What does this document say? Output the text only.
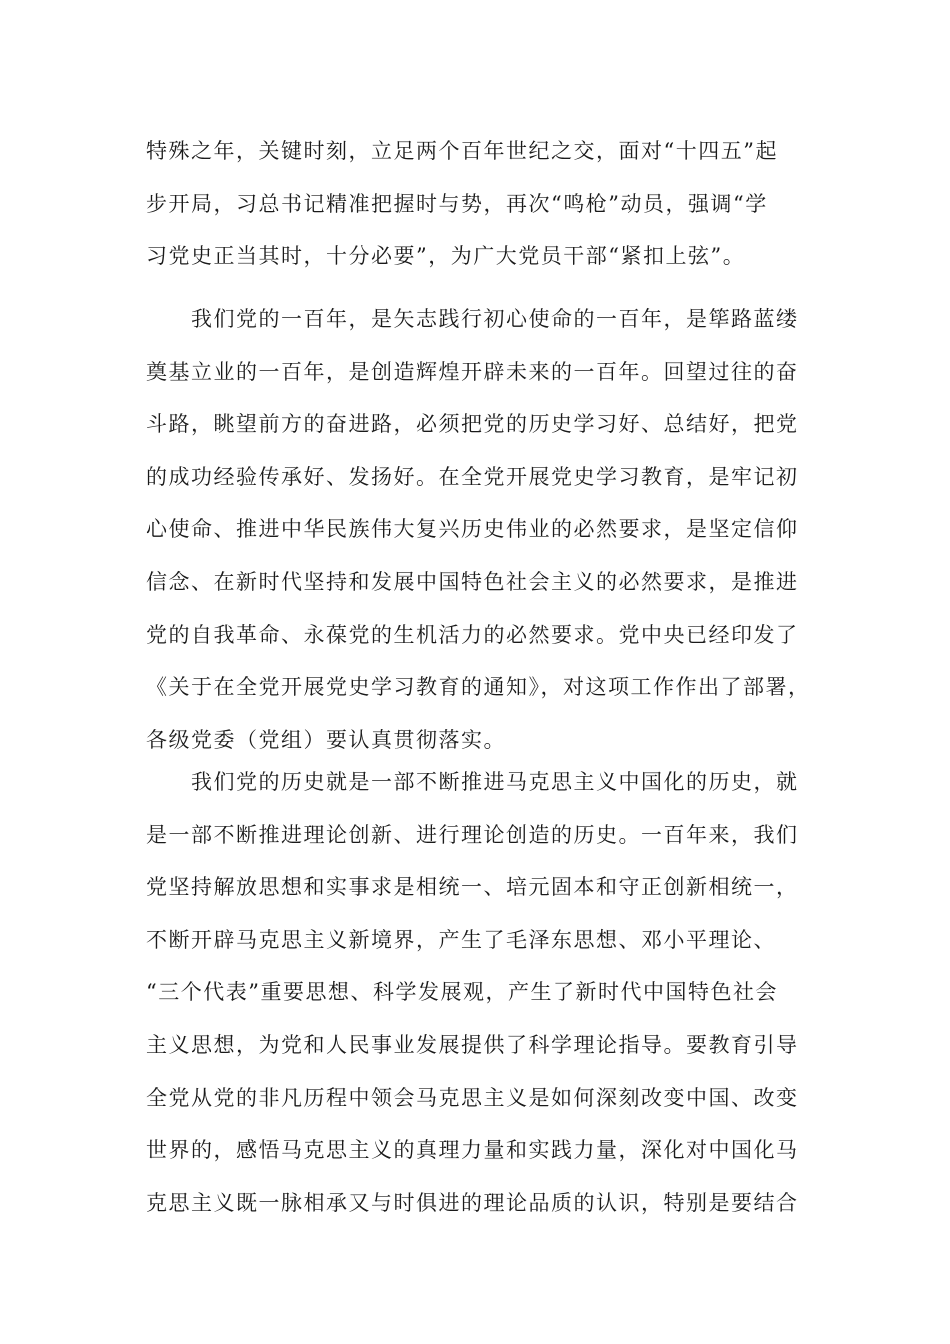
特殊之年，关键时刻，立足两个百年世纪之交，面对“十四五”起
步开局，习总书记精准把握时与势，再次“鸣枪”动员，强调“学
习党史正当其时，十分必要”，为广大党员干部“紧扣上弦”。
我们党的一百年，是矢志践行初心使命的一百年，是筚路蓝缕
奠基立业的一百年，是创造辉煌开辟未来的一百年。回望过往的奋
斗路，眺望前方的奋进路，必须把党的历史学习好、总结好，把党
的成功经验传承好、发扬好。在全党开展党史学习教育，是牢记初
心使命、推进中华民族伟大复兴历史伟业的必然要求，是坚定信仰
信念、在新时代坚持和发展中国特色社会主义的必然要求，是推进
党的自我革命、永葆党的生机活力的必然要求。党中央已经印发了
《关于在全党开展党史学习教育的通知》，对这项工作作出了部署，
各级党委（党组）要认真贯彻落实。
我们党的历史就是一部不断推进马克思主义中国化的历史，就
是一部不断推进理论创新、进行理论创造的历史。一百年来，我们
党坚持解放思想和实事求是相统一、培元固本和守正创新相统一，
不断开辟马克思主义新境界，产生了毛泽东思想、邓小平理论、
“三个代表”重要思想、科学发展观，产生了新时代中国特色社会
主义思想，为党和人民事业发展提供了科学理论指导。要教育引导
全党从党的非凡历程中领会马克思主义是如何深刻改变中国、改变
世界的，感悟马克思主义的真理力量和实践力量，深化对中国化马
克思主义既一脉相承又与时俱进的理论品质的认识，特别是要结合
